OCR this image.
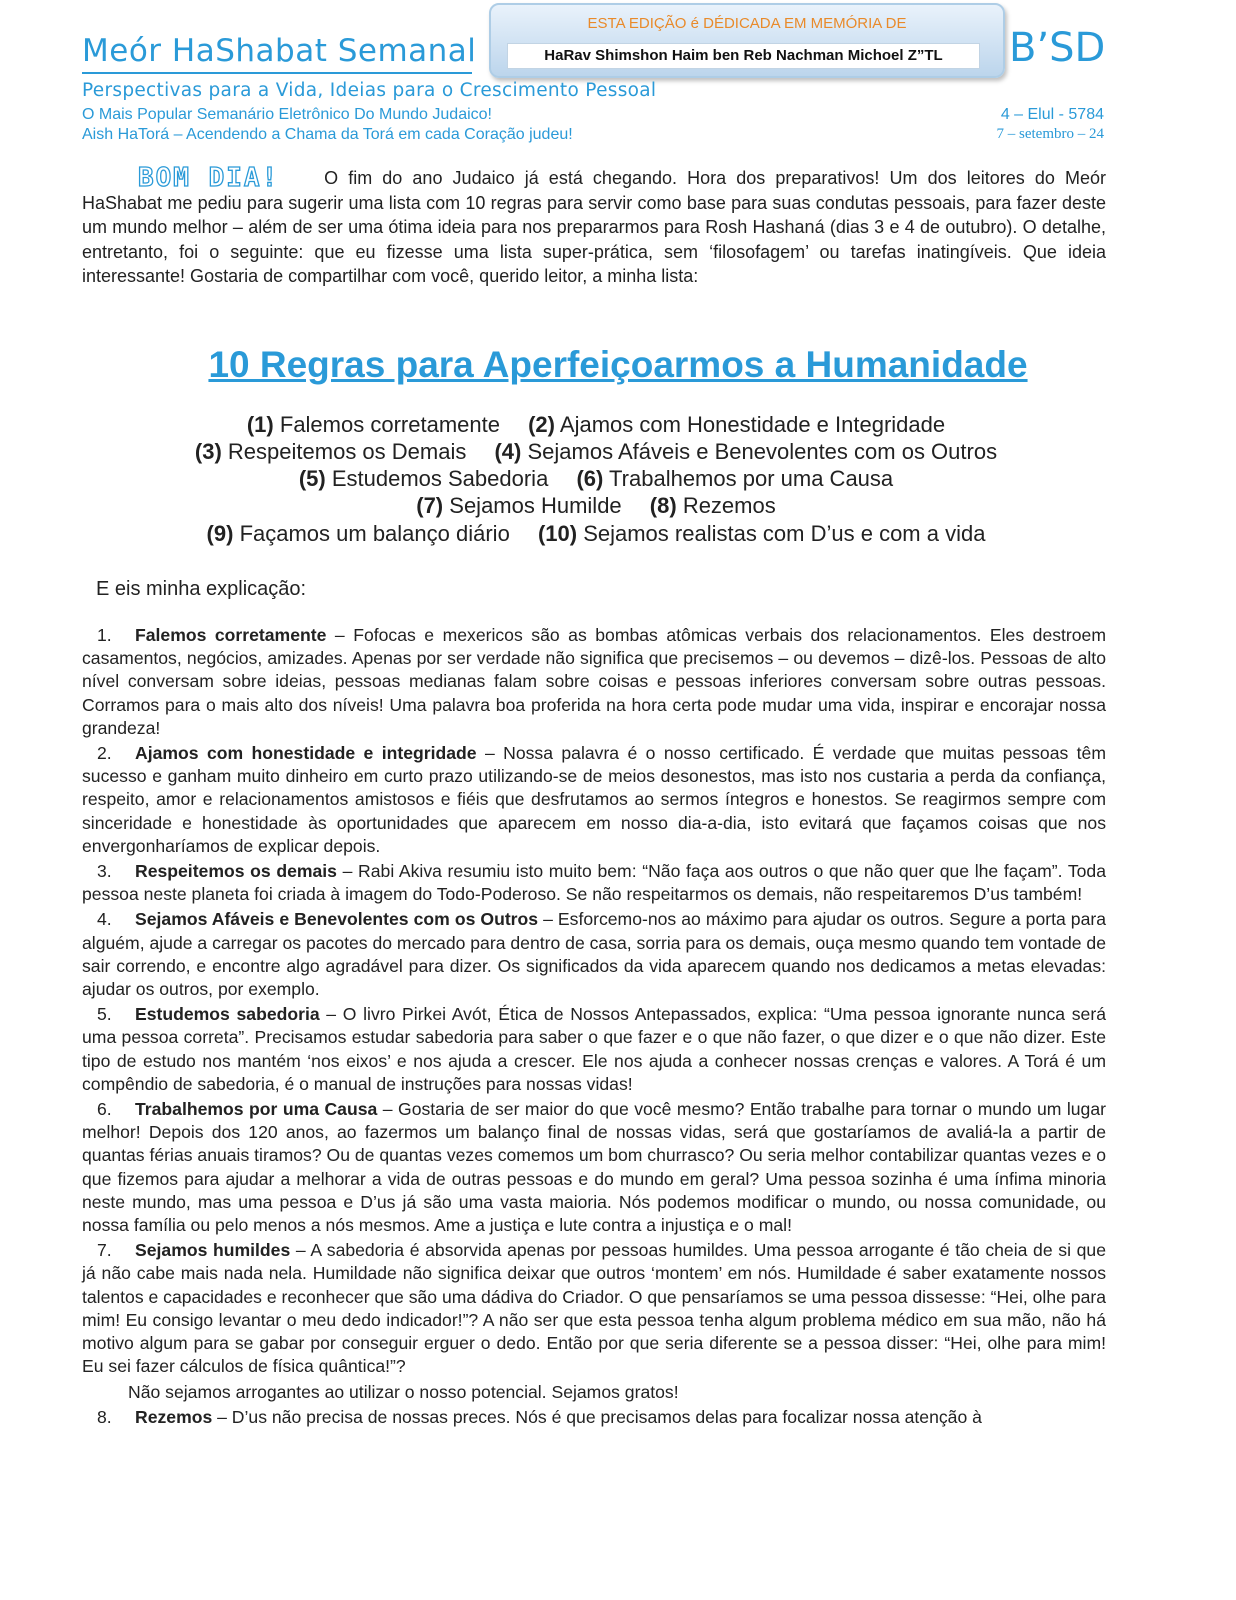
Meór HaShabat Semanal
ESTA EDIÇÃO é DÉDICADA EM MEMÓRIA DE
HaRav Shimshon Haim ben Reb Nachman Michoel Z”TL	B’SD
Perspectivas para a Vida, Ideias para o Crescimento Pessoal
O Mais Popular Semanário Eletrônico Do Mundo Judaico!
Aish HaTorá – Acendendo a Chama da Torá em cada Coração judeu!
4 – Elul - 5784
7 – setembro – 24

BOM DIA! O fim do ano Judaico já está chegando. Hora dos preparativos! Um dos leitores do Meór HaShabat me pediu para sugerir uma lista com 10 regras para servir como base para suas condutas pessoais, para fazer deste um mundo melhor – além de ser uma ótima ideia para nos prepararmos para Rosh Hashaná (dias 3 e 4 de outubro). O detalhe, entretanto, foi o seguinte: que eu fizesse uma lista super-prática, sem ‘filosofagem’ ou tarefas inatingíveis. Que ideia interessante! Gostaria de compartilhar com você, querido leitor, a minha lista:

10 Regras para Aperfeiçoarmos a Humanidade
(1) Falemos corretamente (2) Ajamos com Honestidade e Integridade
(3) Respeitemos os Demais (4) Sejamos Afáveis e Benevolentes com os Outros
(5) Estudemos Sabedoria (6) Trabalhemos por uma Causa
(7) Sejamos Humilde (8) Rezemos
(9) Façamos um balanço diário (10) Sejamos realistas com D’us e com a vida
E eis minha explicação:

1. Falemos corretamente – Fofocas e mexericos são as bombas atômicas verbais dos relacionamentos. Eles destroem casamentos, negócios, amizades. Apenas por ser verdade não significa que precisemos – ou devemos – dizê-los. Pessoas de alto nível conversam sobre ideias, pessoas medianas falam sobre coisas e pessoas inferiores conversam sobre outras pessoas. Corramos para o mais alto dos níveis! Uma palavra boa proferida na hora certa pode mudar uma vida, inspirar e encorajar nossa grandeza!

2. Ajamos com honestidade e integridade – Nossa palavra é o nosso certificado. É verdade que muitas pessoas têm sucesso e ganham muito dinheiro em curto prazo utilizando-se de meios desonestos, mas isto nos custaria a perda da confiança, respeito, amor e relacionamentos amistosos e fiéis que desfrutamos ao sermos íntegros e honestos. Se reagirmos sempre com sinceridade e honestidade às oportunidades que aparecem em nosso dia-a-dia, isto evitará que façamos coisas que nos envergonharíamos de explicar depois.

3. Respeitemos os demais – Rabi Akiva resumiu isto muito bem: “Não faça aos outros o que não quer que lhe façam”. Toda pessoa neste planeta foi criada à imagem do Todo-Poderoso. Se não respeitarmos os demais, não respeitaremos D’us também!

4. Sejamos Afáveis e Benevolentes com os Outros – Esforcemo-nos ao máximo para ajudar os outros. Segure a porta para alguém, ajude a carregar os pacotes do mercado para dentro de casa, sorria para os demais, ouça mesmo quando tem vontade de sair correndo, e encontre algo agradável para dizer. Os significados da vida aparecem quando nos dedicamos a metas elevadas: ajudar os outros, por exemplo.

5. Estudemos sabedoria – O livro Pirkei Avót, Ética de Nossos Antepassados, explica: “Uma pessoa ignorante nunca será uma pessoa correta”. Precisamos estudar sabedoria para saber o que fazer e o que não fazer, o que dizer e o que não dizer. Este tipo de estudo nos mantém ‘nos eixos’ e nos ajuda a crescer. Ele nos ajuda a conhecer nossas crenças e valores. A Torá é um compêndio de sabedoria, é o manual de instruções para nossas vidas!

6. Trabalhemos por uma Causa – Gostaria de ser maior do que você mesmo? Então trabalhe para tornar o mundo um lugar melhor! Depois dos 120 anos, ao fazermos um balanço final de nossas vidas, será que gostaríamos de avaliá-la a partir de quantas férias anuais tiramos? Ou de quantas vezes comemos um bom churrasco? Ou seria melhor contabilizar quantas vezes e o que fizemos para ajudar a melhorar a vida de outras pessoas e do mundo em geral? Uma pessoa sozinha é uma ínfima minoria neste mundo, mas uma pessoa e D’us já são uma vasta maioria. Nós podemos modificar o mundo, ou nossa comunidade, ou nossa família ou pelo menos a nós mesmos. Ame a justiça e lute contra a injustiça e o mal!

7. Sejamos humildes – A sabedoria é absorvida apenas por pessoas humildes. Uma pessoa arrogante é tão cheia de si que já não cabe mais nada nela. Humildade não significa deixar que outros ‘montem’ em nós. Humildade é saber exatamente nossos talentos e capacidades e reconhecer que são uma dádiva do Criador. O que pensaríamos se uma pessoa dissesse: “Hei, olhe para mim! Eu consigo levantar o meu dedo indicador!”? A não ser que esta pessoa tenha algum problema médico em sua mão, não há motivo algum para se gabar por conseguir erguer o dedo. Então por que seria diferente se a pessoa disser: “Hei, olhe para mim! Eu sei fazer cálculos de física quântica!”?

Não sejamos arrogantes ao utilizar o nosso potencial. Sejamos gratos!

8. Rezemos – D’us não precisa de nossas preces. Nós é que precisamos delas para focalizar nossa atenção à
